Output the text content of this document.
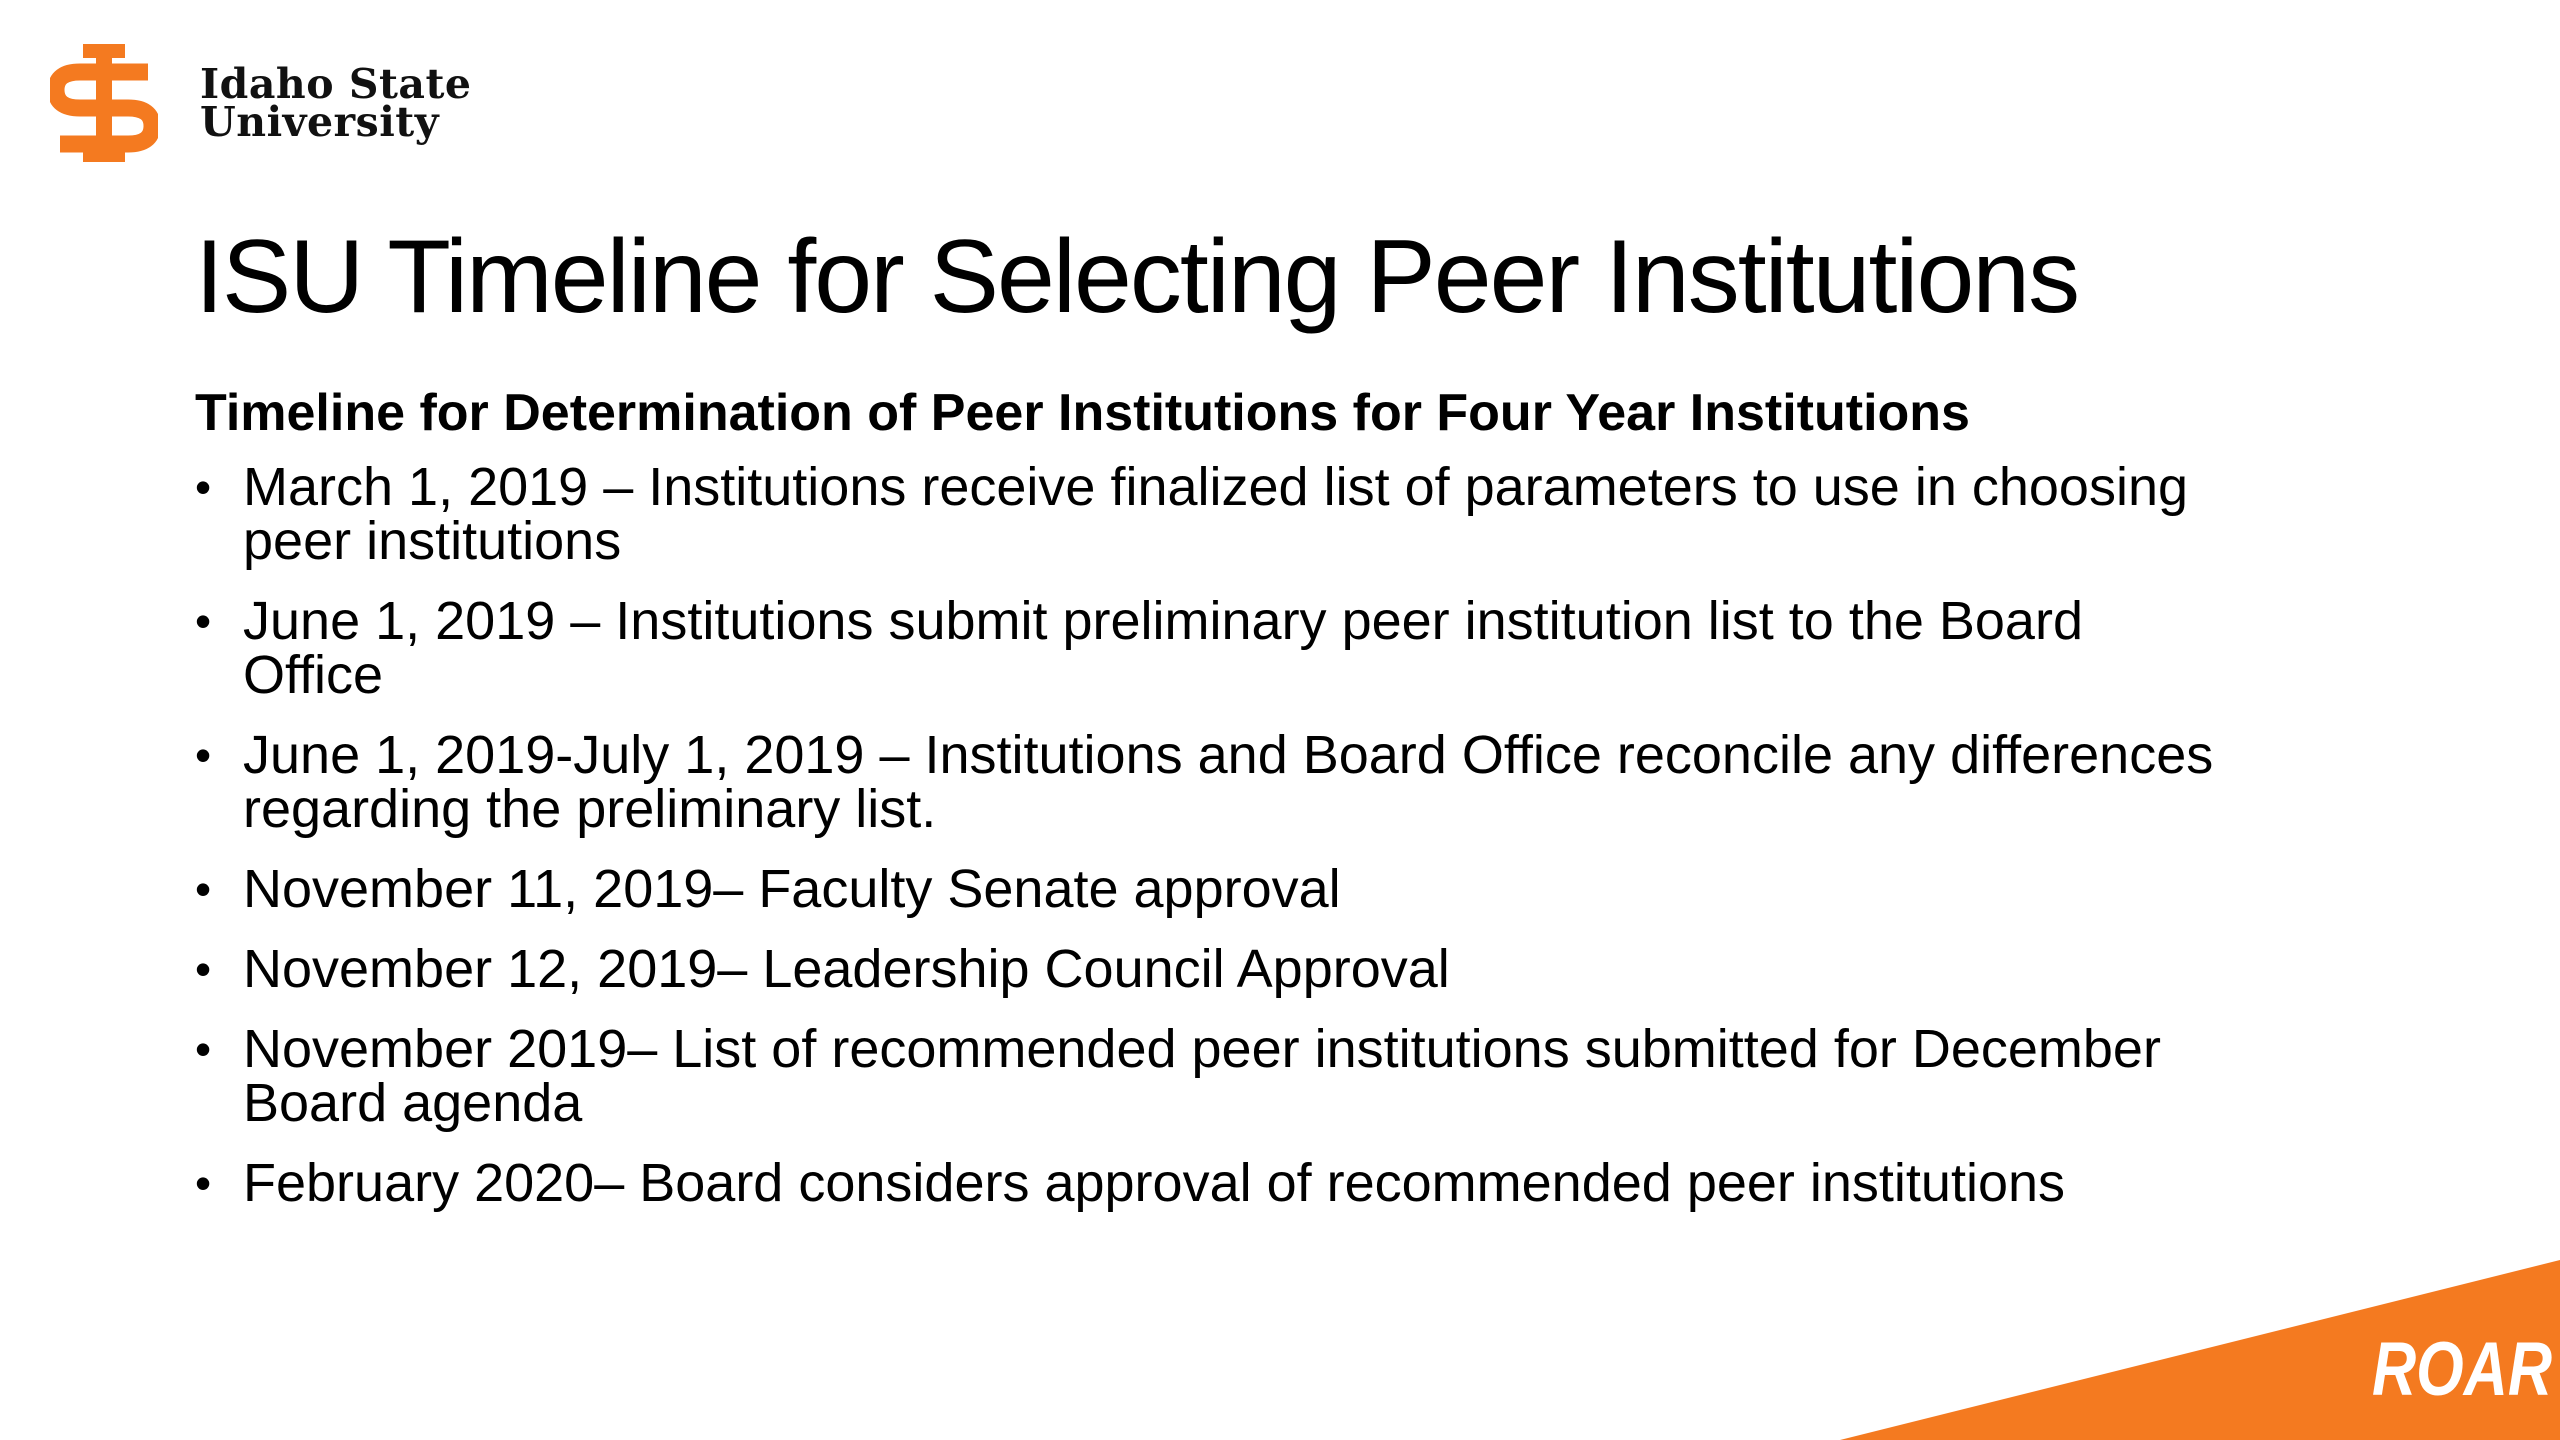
Idaho State
University
ISU Timeline for Selecting Peer Institutions
Timeline for Determination of Peer Institutions for Four Year Institutions
• March 1, 2019 – Institutions receive finalized list of parameters to use in choosing
peer institutions
• June 1, 2019 – Institutions submit preliminary peer institution list to the Board
Office
• June 1, 2019-July 1, 2019 – Institutions and Board Office reconcile any differences
regarding the preliminary list.
• November 11, 2019– Faculty Senate approval
• November 12, 2019– Leadership Council Approval
• November 2019– List of recommended peer institutions submitted for December
Board agenda
• February 2020– Board considers approval of recommended peer institutions
ROAR
